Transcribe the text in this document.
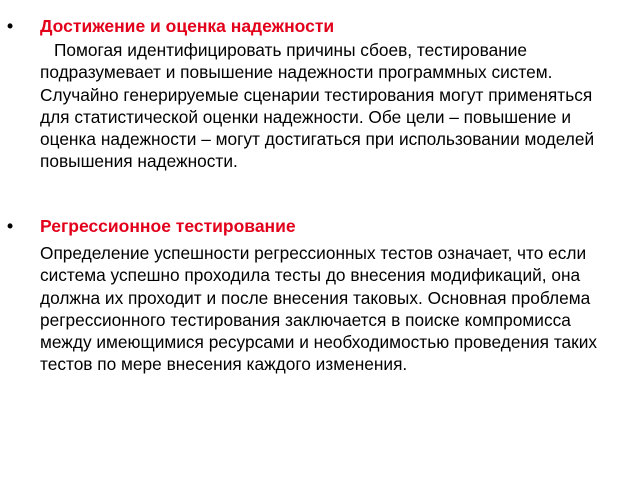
• Достижение и оценка надежности
Помогая идентифицировать причины сбоев, тестирование подразумевает и повышение надежности программных систем. Случайно генерируемые сценарии тестирования могут применяться для статистической оценки надежности. Обе цели – повышение и оценка надежности – могут достигаться при использовании моделей повышения надежности.
• Регрессионное тестирование
Определение успешности регрессионных тестов означает, что если система успешно проходила тесты до внесения модификаций, она должна их проходит и после внесения таковых. Основная проблема регрессионного тестирования заключается в поиске компромисса между имеющимися ресурсами и необходимостью проведения таких тестов по мере внесения каждого изменения.
